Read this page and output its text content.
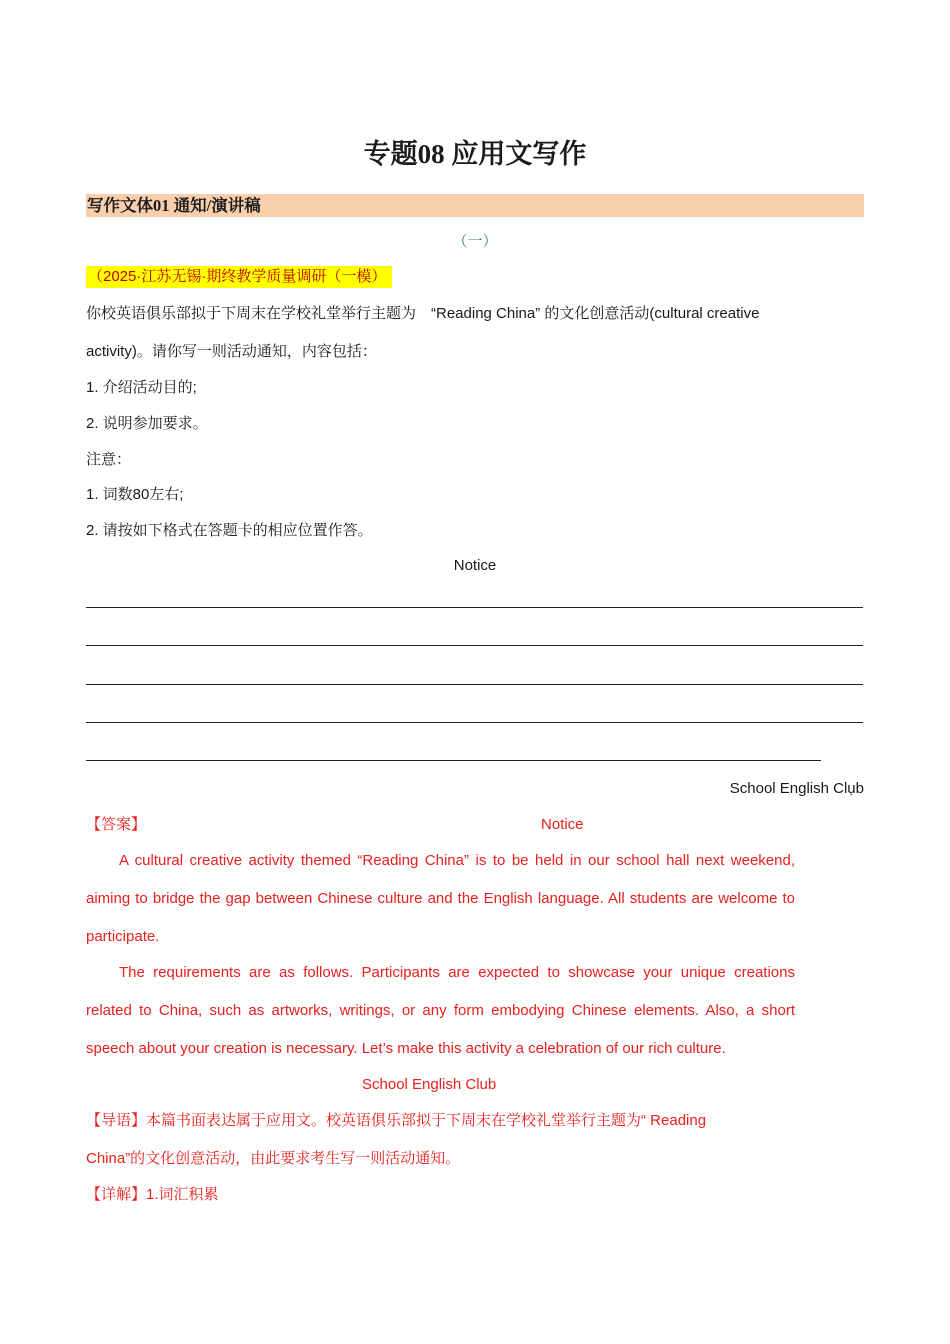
专题08 应用文写作
写作文体01 通知/演讲稿
（一）
（2025·江苏无锡·期终教学质量调研（一模）
你校英语俱乐部拟于下周末在学校礼堂举行主题为　“Reading China” 的文化创意活动(cultural creative
activity)。请你写一则活动通知，内容包括：
1. 介绍活动目的;
2. 说明参加要求。
注意：
1. 词数80左右;
2. 请按如下格式在答题卡的相应位置作答。
Notice
School English Clụb
【答案】	Notice
A cultural creative activity themed “Reading China” is to be held in our school hall next weekend,
aiming to bridge the gap between Chinese culture and the English language. All students are welcome to
participate.
The requirements are as follows. Participants are expected to showcase your unique creations
related to China, such as artworks, writings, or any form embodying Chinese elements. Also, a short
speech about your creation is necessary. Let’s make this activity a celebration of our rich culture.
School English Club
【导语】本篇书面表达属于应用文。校英语俱乐部拟于下周末在学校礼堂举行主题为“ Reading
China”的文化创意活动，由此要求考生写一则活动通知。
【详解】1.词汇积累
